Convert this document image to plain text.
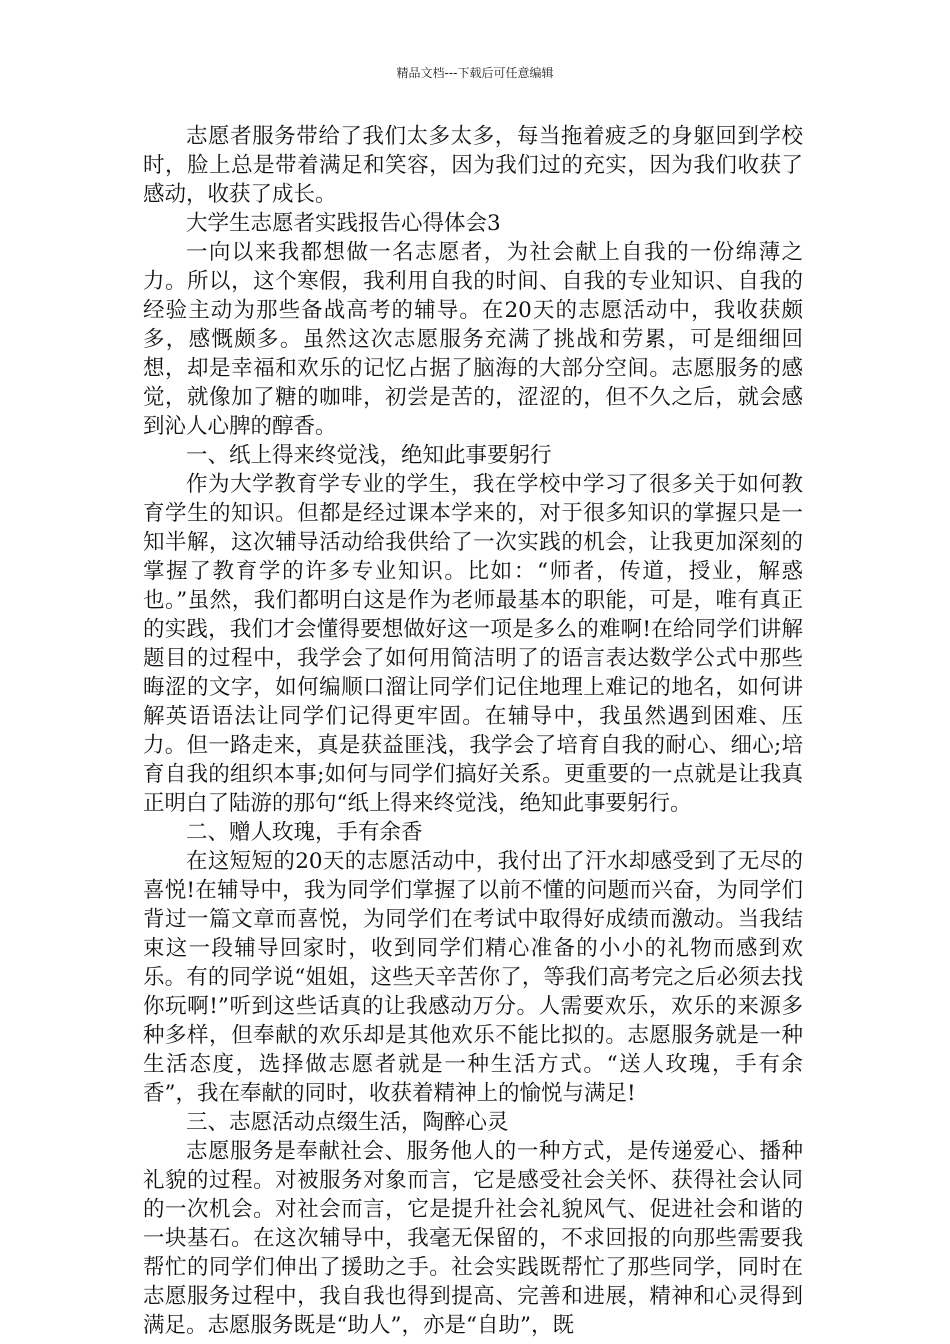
精品文档---下载后可任意编辑

志愿者服务带给了我们太多太多，每当拖着疲乏的身躯回到学校时，脸上总是带着满足和笑容，因为我们过的充实，因为我们收获了感动，收获了成长。

大学生志愿者实践报告心得体会3

一向以来我都想做一名志愿者，为社会献上自我的一份绵薄之力。所以，这个寒假，我利用自我的时间、自我的专业知识、自我的经验主动为那些备战高考的辅导。在20天的志愿活动中，我收获颇多，感慨颇多。虽然这次志愿服务充满了挑战和劳累，可是细细回想，却是幸福和欢乐的记忆占据了脑海的大部分空间。志愿服务的感觉，就像加了糖的咖啡，初尝是苦的，涩涩的，但不久之后，就会感到沁人心脾的醇香。

一、纸上得来终觉浅，绝知此事要躬行

作为大学教育学专业的学生，我在学校中学习了很多关于如何教育学生的知识。但都是经过课本学来的，对于很多知识的掌握只是一知半解，这次辅导活动给我供给了一次实践的机会，让我更加深刻的掌握了教育学的许多专业知识。比如：“师者，传道，授业，解惑也。”虽然，我们都明白这是作为老师最基本的职能，可是，唯有真正的实践，我们才会懂得要想做好这一项是多么的难啊!在给同学们讲解题目的过程中，我学会了如何用简洁明了的语言表达数学公式中那些晦涩的文字，如何编顺口溜让同学们记住地理上难记的地名，如何讲解英语语法让同学们记得更牢固。在辅导中，我虽然遇到困难、压力。但一路走来，真是获益匪浅，我学会了培育自我的耐心、细心;培育自我的组织本事;如何与同学们搞好关系。更重要的一点就是让我真正明白了陆游的那句“纸上得来终觉浅，绝知此事要躬行。

二、赠人玫瑰，手有余香

在这短短的20天的志愿活动中，我付出了汗水却感受到了无尽的喜悦!在辅导中，我为同学们掌握了以前不懂的问题而兴奋，为同学们背过一篇文章而喜悦，为同学们在考试中取得好成绩而激动。当我结束这一段辅导回家时，收到同学们精心准备的小小的礼物而感到欢乐。有的同学说“姐姐，这些天辛苦你了，等我们高考完之后必须去找你玩啊!”听到这些话真的让我感动万分。人需要欢乐，欢乐的来源多种多样，但奉献的欢乐却是其他欢乐不能比拟的。志愿服务就是一种生活态度，选择做志愿者就是一种生活方式。“送人玫瑰，手有余香”，我在奉献的同时，收获着精神上的愉悦与满足!

三、志愿活动点缀生活，陶醉心灵

志愿服务是奉献社会、服务他人的一种方式，是传递爱心、播种礼貌的过程。对被服务对象而言，它是感受社会关怀、获得社会认同的一次机会。对社会而言，它是提升社会礼貌风气、促进社会和谐的一块基石。在这次辅导中，我毫无保留的，不求回报的向那些需要我帮忙的同学们伸出了援助之手。社会实践既帮忙了那些同学，同时在志愿服务过程中，我自我也得到提高、完善和进展，精神和心灵得到满足。志愿服务既是“助人”，亦是“自助”，既
